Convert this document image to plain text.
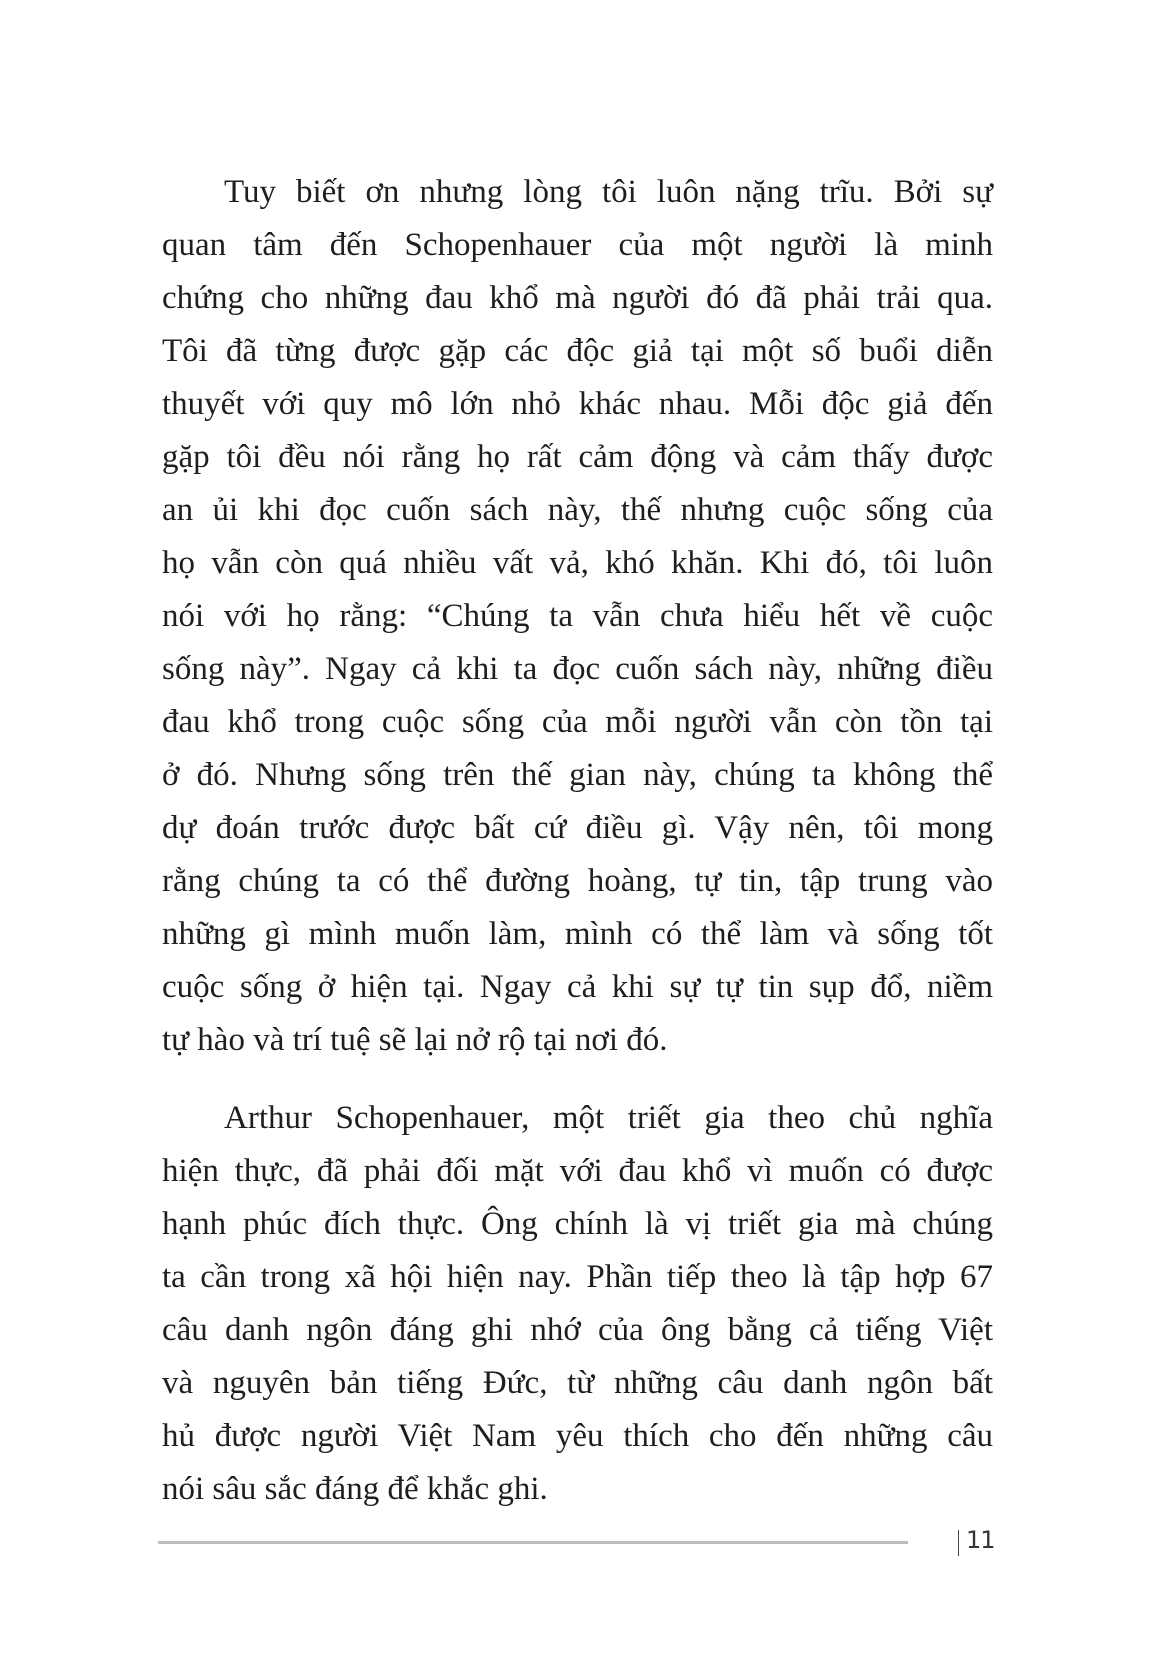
Tuy biết ơn nhưng lòng tôi luôn nặng trĩu. Bởi sự
quan tâm đến Schopenhauer của một người là minh
chứng cho những đau khổ mà người đó đã phải trải qua.
Tôi đã từng được gặp các độc giả tại một số buổi diễn
thuyết với quy mô lớn nhỏ khác nhau. Mỗi độc giả đến
gặp tôi đều nói rằng họ rất cảm động và cảm thấy được
an ủi khi đọc cuốn sách này, thế nhưng cuộc sống của
họ vẫn còn quá nhiều vất vả, khó khăn. Khi đó, tôi luôn
nói với họ rằng: “Chúng ta vẫn chưa hiểu hết về cuộc
sống này”. Ngay cả khi ta đọc cuốn sách này, những điều
đau khổ trong cuộc sống của mỗi người vẫn còn tồn tại
ở đó. Nhưng sống trên thế gian này, chúng ta không thể
dự đoán trước được bất cứ điều gì. Vậy nên, tôi mong
rằng chúng ta có thể đường hoàng, tự tin, tập trung vào
những gì mình muốn làm, mình có thể làm và sống tốt
cuộc sống ở hiện tại. Ngay cả khi sự tự tin sụp đổ, niềm
tự hào và trí tuệ sẽ lại nở rộ tại nơi đó.
Arthur Schopenhauer, một triết gia theo chủ nghĩa
hiện thực, đã phải đối mặt với đau khổ vì muốn có được
hạnh phúc đích thực. Ông chính là vị triết gia mà chúng
ta cần trong xã hội hiện nay. Phần tiếp theo là tập hợp 67
câu danh ngôn đáng ghi nhớ của ông bằng cả tiếng Việt
và nguyên bản tiếng Đức, từ những câu danh ngôn bất
hủ được người Việt Nam yêu thích cho đến những câu
nói sâu sắc đáng để khắc ghi.
11
